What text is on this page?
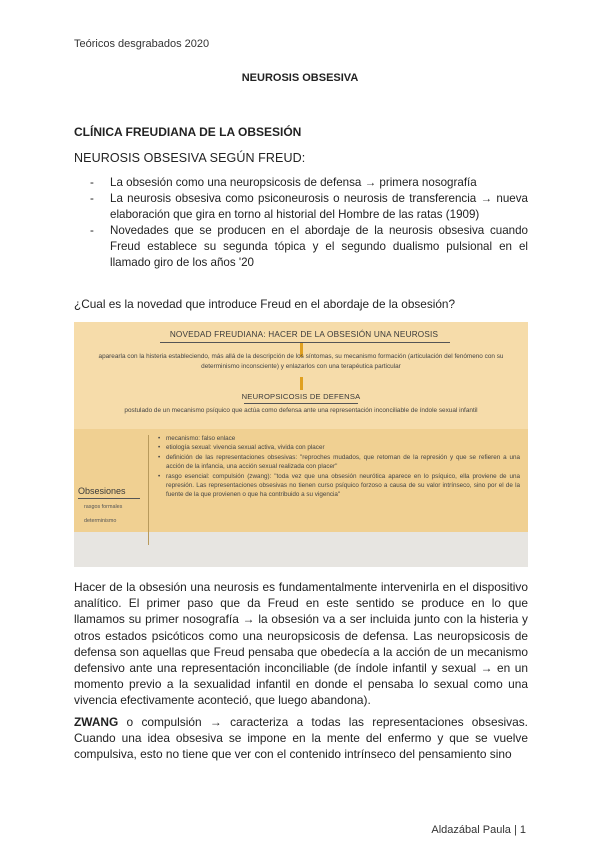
Teóricos desgrabados 2020
NEUROSIS OBSESIVA
CLÍNICA FREUDIANA DE LA OBSESIÓN
NEUROSIS OBSESIVA SEGÚN FREUD:
- La obsesión como una neuropsicosis de defensa → primera nosografía
- La neurosis obsesiva como psiconeurosis o neurosis de transferencia → nueva elaboración que gira en torno al historial del Hombre de las ratas (1909)
- Novedades que se producen en el abordaje de la neurosis obsesiva cuando Freud establece su segunda tópica y el segundo dualismo pulsional en el llamado giro de los años '20
¿Cual es la novedad que introduce Freud en el abordaje de la obsesión?
NOVEDAD FREUDIANA: HACER DE LA OBSESIÓN UNA NEUROSIS
aparearla con la histeria estableciendo, más allá de la descripción de los síntomas, su mecanismo formación (articulación del fenómeno con su determinismo inconsciente) y enlazarlos con una terapéutica particular
NEUROPSICOSIS DE DEFENSA
postulado de un mecanismo psíquico que actúa como defensa ante una representación inconciliable de índole sexual infantil
Obsesiones
rasgos formales
determinismo
• mecanismo: falso enlace
• etiología sexual: vivencia sexual activa, vivida con placer
• definición de las representaciones obsesivas: "reproches mudados, que retornan de la represión y que se refieren a una acción de la infancia, una acción sexual realizada con placer"
• rasgo esencial: compulsión (zwang): "toda vez que una obsesión neurótica aparece en lo psíquico, ella proviene de una represión. Las representaciones obsesivas no tienen curso psíquico forzoso a causa de su valor intrínseco, sino por el de la fuente de la que provienen o que ha contribuido a su vigencia"

Hacer de la obsesión una neurosis es fundamentalmente intervenirla en el dispositivo analítico. El primer paso que da Freud en este sentido se produce en lo que llamamos su primer nosografía → la obsesión va a ser incluida junto con la histeria y otros estados psicóticos como una neuropsicosis de defensa. Las neuropsicosis de defensa son aquellas que Freud pensaba que obedecía a la acción de un mecanismo defensivo ante una representación inconciliable (de índole infantil y sexual → en un momento previo a la sexualidad infantil en donde el pensaba lo sexual como una vivencia efectivamente aconteció, que luego abandona).

ZWANG o compulsión → caracteriza a todas las representaciones obsesivas. Cuando una idea obsesiva se impone en la mente del enfermo y que se vuelve compulsiva, esto no tiene que ver con el contenido intrínseco del pensamiento sino

Aldazábal Paula | 1
